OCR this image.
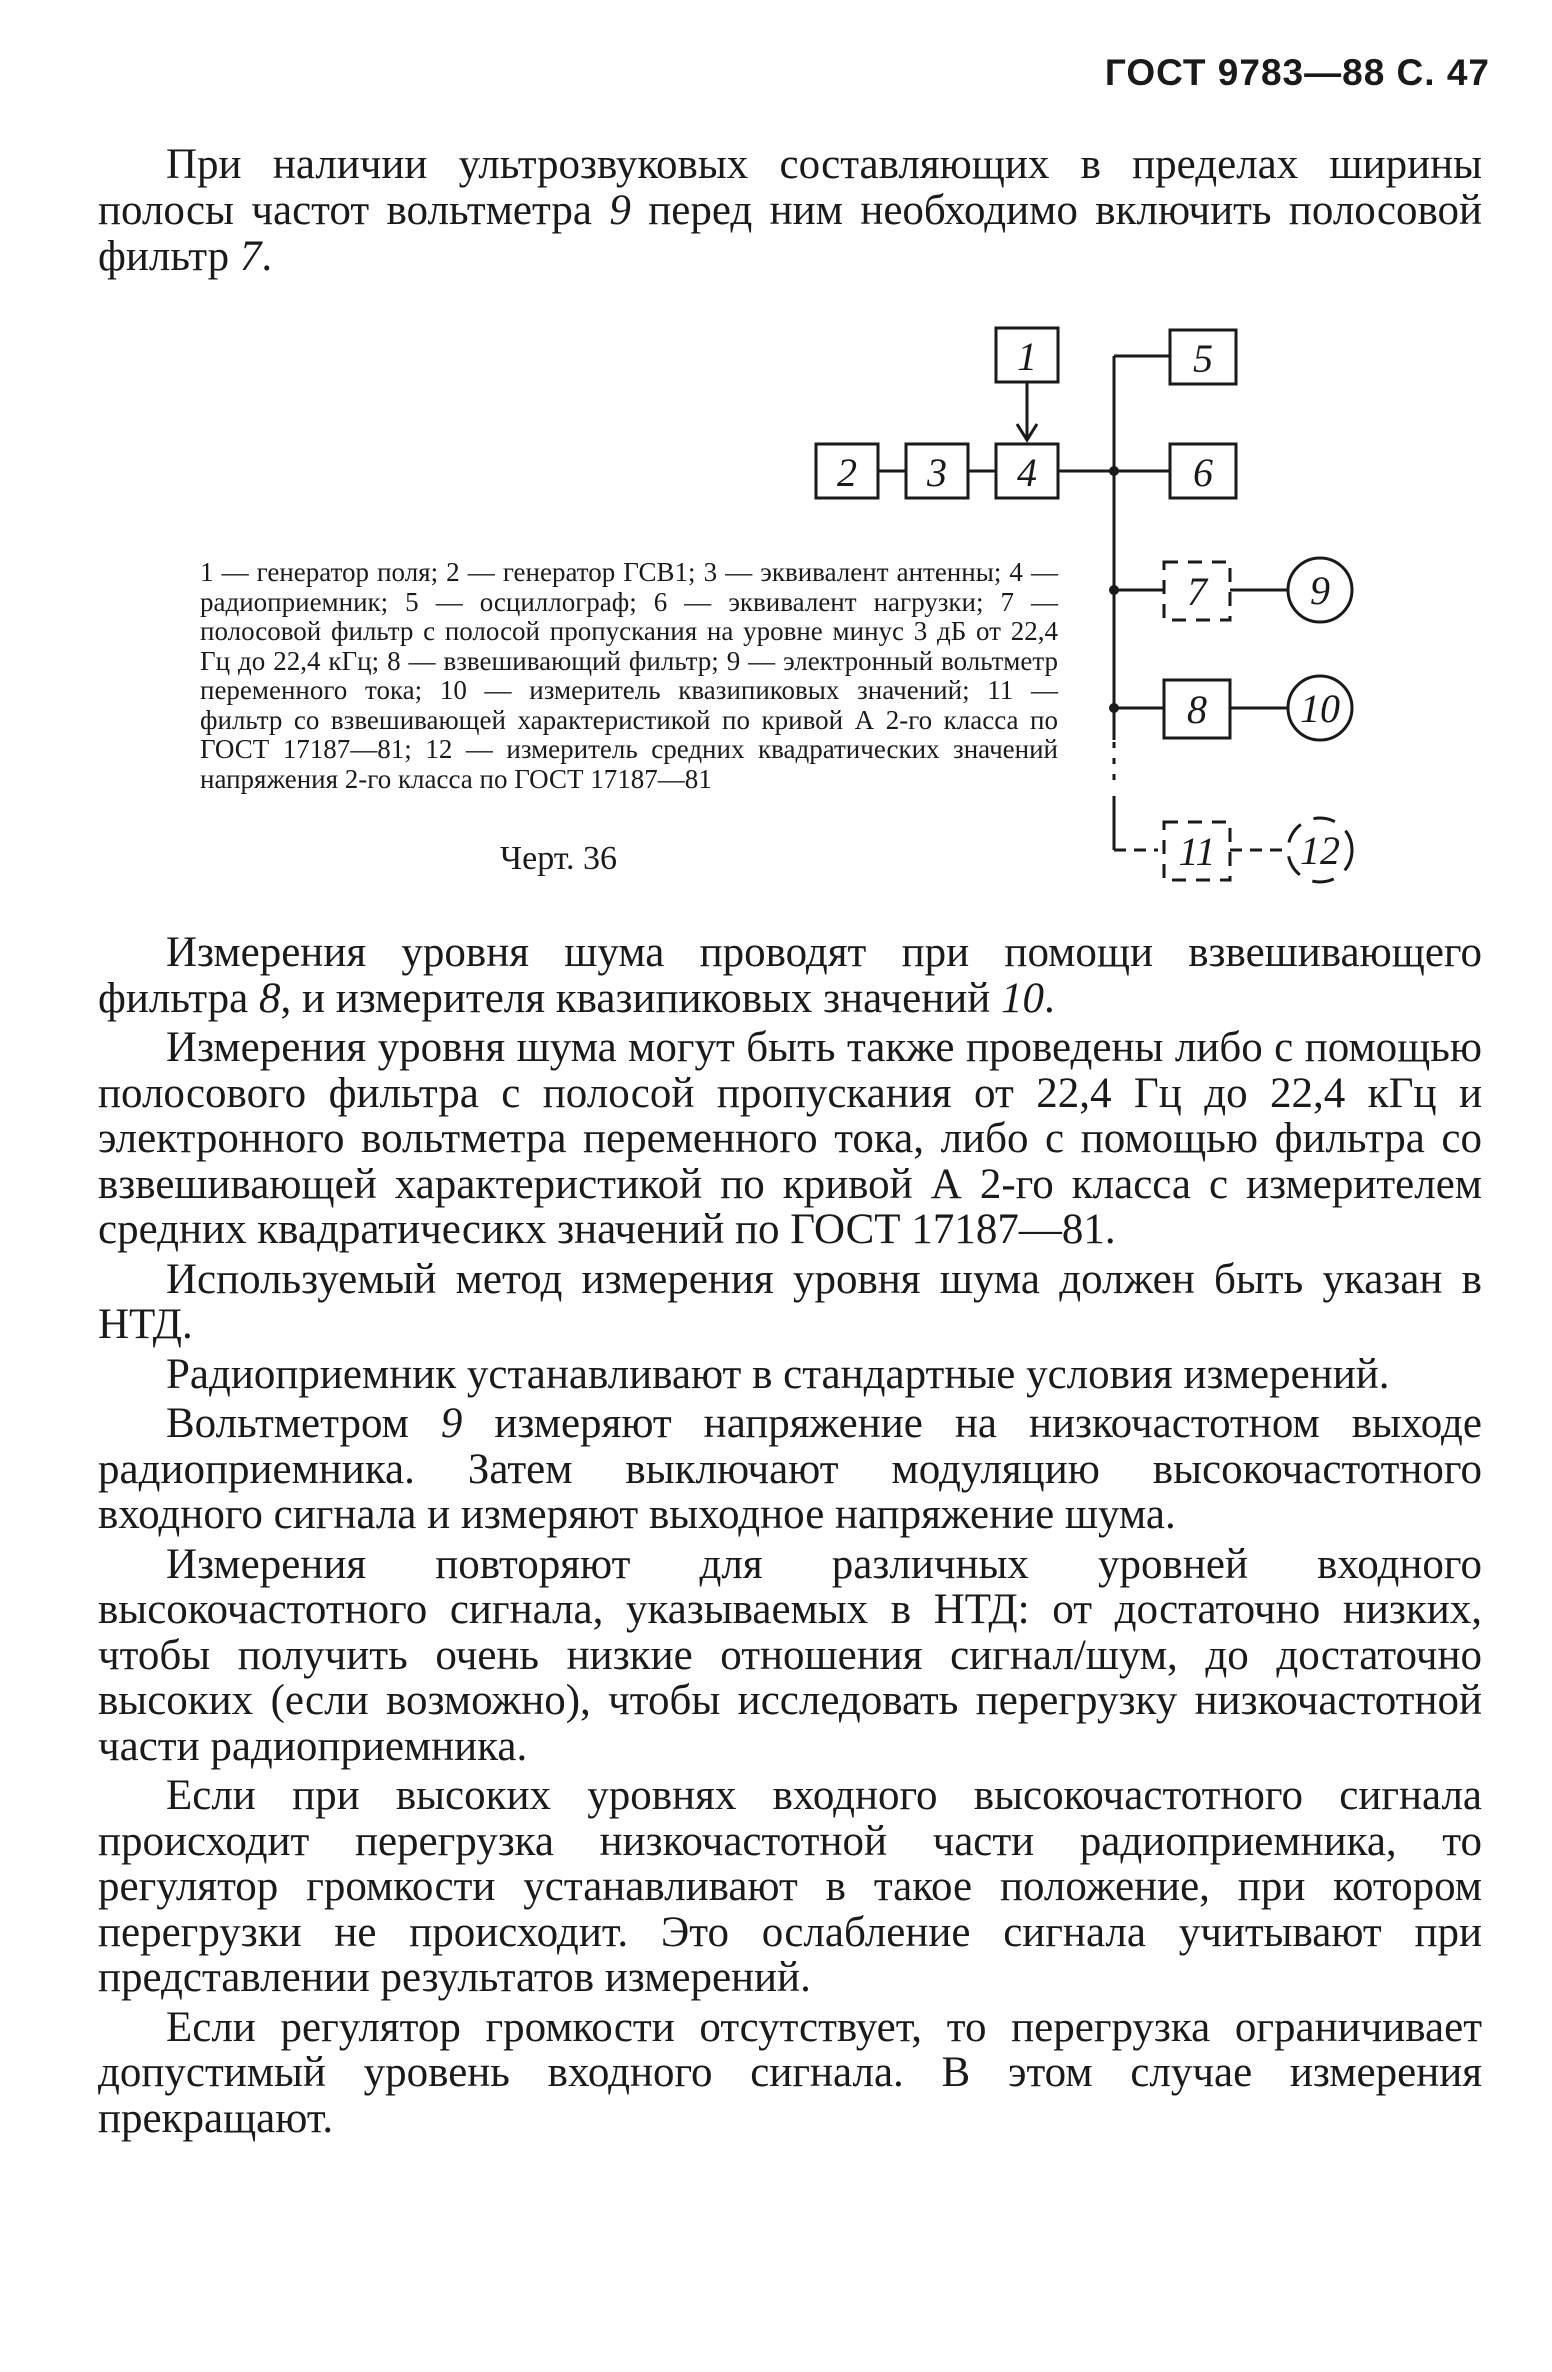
ГОСТ 9783—88 С. 47

При наличии ультрозвуковых составляющих в пределах ширины полосы частот вольтметра 9 перед ним необходимо включить полосовой фильтр 7.

1
2 3 4
5
6
7
8
11
9
10
12

1 — генератор поля; 2 — генератор ГСВ1; 3 — эквивалент антенны; 4 — радиоприемник; 5 — осциллограф; 6 — эквивалент нагрузки; 7 — полосовой фильтр с полосой пропускания на уровне минус 3 дБ от 22,4 Гц до 22,4 кГц; 8 — взвешивающий фильтр; 9 — электронный вольтметр переменного тока; 10 — измеритель квазипиковых значений; 11 — фильтр со взвешивающей характеристикой по кривой А 2-го класса по ГОСТ 17187—81; 12 — измеритель средних квадратических значений напряжения 2-го класса по ГОСТ 17187—81

Черт. 36

Измерения уровня шума проводят при помощи взвешивающего фильтра 8, и измерителя квазипиковых значений 10.

Измерения уровня шума могут быть также проведены либо с помощью полосового фильтра с полосой пропускания от 22,4 Гц до 22,4 кГц и электронного вольтметра переменного тока, либо с помощью фильтра со взвешивающей характеристикой по кривой А 2-го класса с измерителем средних квадратичесикх значений по ГОСТ 17187—81.

Используемый метод измерения уровня шума должен быть указан в НТД.

Радиоприемник устанавливают в стандартные условия измерений.

Вольтметром 9 измеряют напряжение на низкочастотном выходе радиоприемника. Затем выключают модуляцию высокочастотного входного сигнала и измеряют выходное напряжение шума.

Измерения повторяют для различных уровней входного высокочастотного сигнала, указываемых в НТД: от достаточно низких, чтобы получить очень низкие отношения сигнал/шум, до достаточно высоких (если возможно), чтобы исследовать перегрузку низкочастотной части радиоприемника.

Если при высоких уровнях входного высокочастотного сигнала происходит перегрузка низкочастотной части радиоприемника, то регулятор громкости устанавливают в такое положение, при котором перегрузки не происходит. Это ослабление сигнала учитывают при представлении результатов измерений.

Если регулятор громкости отсутствует, то перегрузка ограничивает допустимый уровень входного сигнала. В этом случае измерения прекращают.
